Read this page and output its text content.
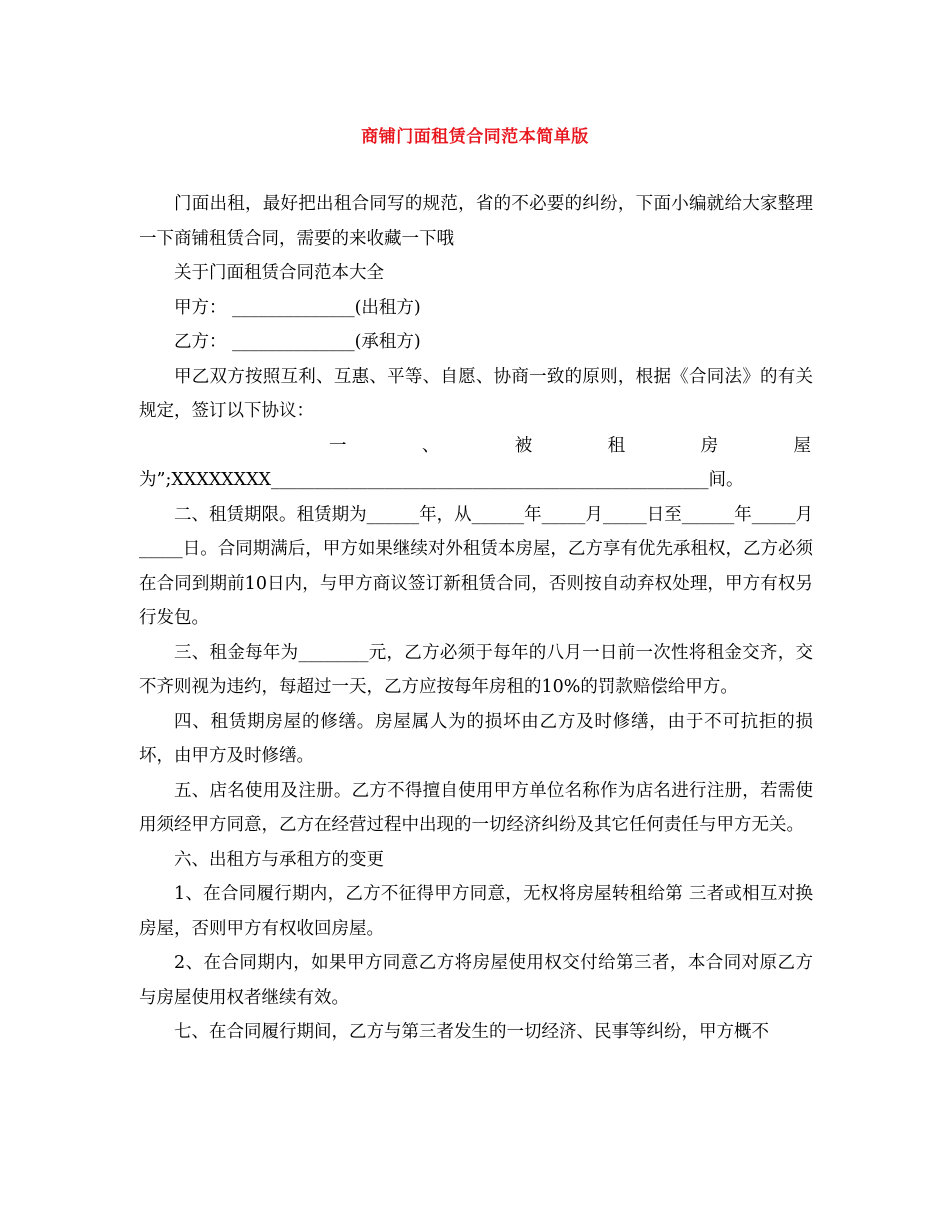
商铺门面租赁合同范本简单版

门面出租，最好把出租合同写的规范，省的不必要的纠纷，下面小编就给大家整理一下商铺租赁合同，需要的来收藏一下哦

关于门面租赁合同范本大全

甲方： ______________(出租方)

乙方： ______________(承租方)

甲乙双方按照互利、互惠、平等、自愿、协商一致的原则，根据《合同法》的有关规定，签订以下协议：

一	、	被	租	房	屋

为”;XXXXXXXX__________________________________________________间。

二、租赁期限。租赁期为______年，从______年_____月_____日至______年_____月_____日。合同期满后，甲方如果继续对外租赁本房屋，乙方享有优先承租权，乙方必须在合同到期前10日内，与甲方商议签订新租赁合同，否则按自动弃权处理，甲方有权另行发包。

三、租金每年为________元，乙方必须于每年的八月一日前一次性将租金交齐，交不齐则视为违约，每超过一天，乙方应按每年房租的10%的罚款赔偿给甲方。

四、租赁期房屋的修缮。房屋属人为的损坏由乙方及时修缮，由于不可抗拒的损坏，由甲方及时修缮。

五、店名使用及注册。乙方不得擅自使用甲方单位名称作为店名进行注册，若需使用须经甲方同意，乙方在经营过程中出现的一切经济纠纷及其它任何责任与甲方无关。

六、出租方与承租方的变更

1、在合同履行期内，乙方不征得甲方同意，无权将房屋转租给第 三者或相互对换房屋，否则甲方有权收回房屋。

2、在合同期内，如果甲方同意乙方将房屋使用权交付给第三者，本合同对原乙方与房屋使用权者继续有效。

七、在合同履行期间，乙方与第三者发生的一切经济、民事等纠纷，甲方概不
